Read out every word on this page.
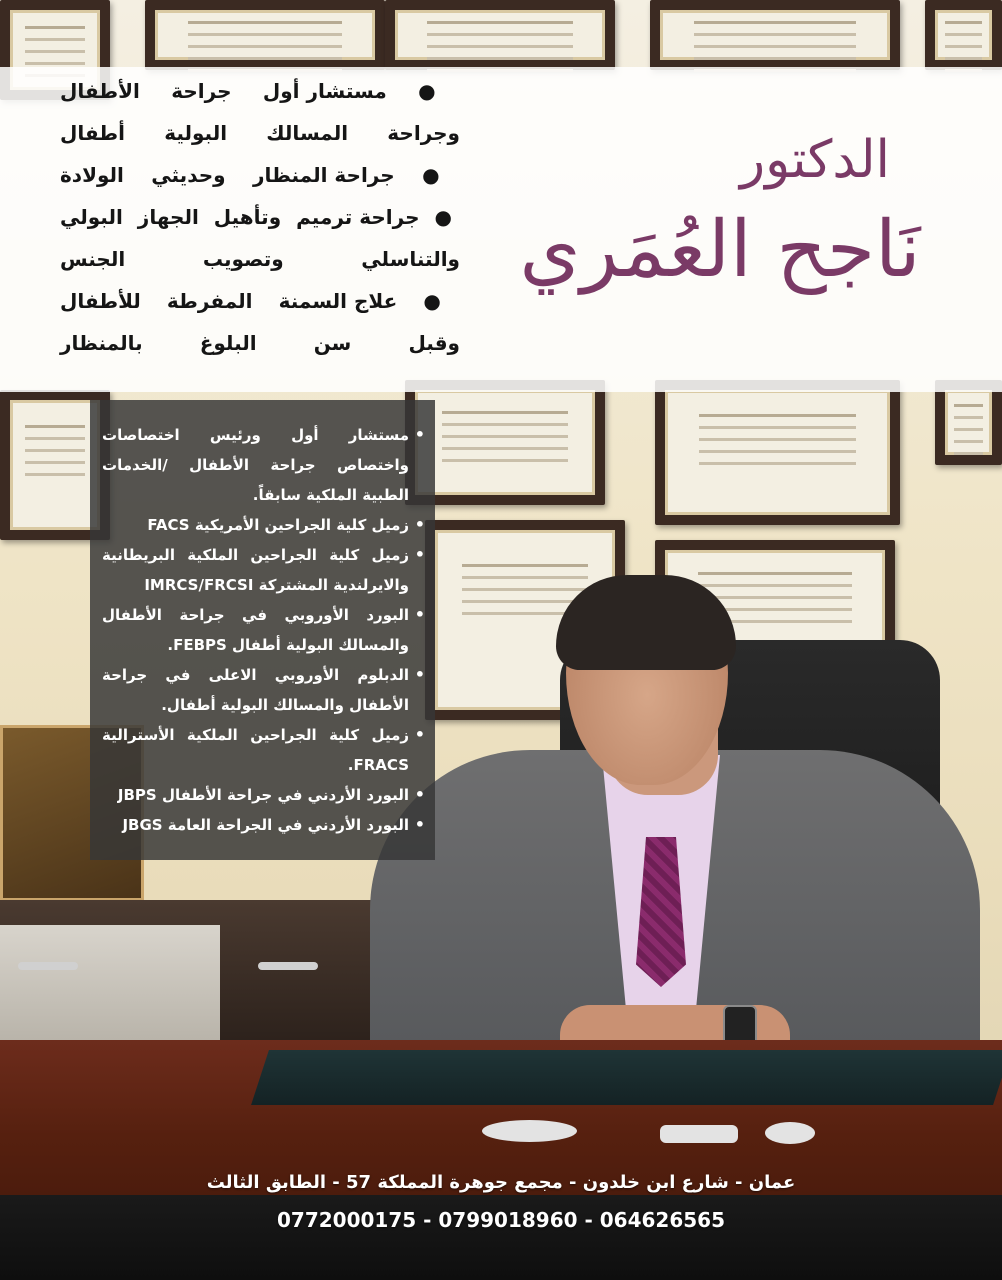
الدكتور

نَاجح العُمَري
● مستشار أول جراحة الأطفال
وجراحة المسالك البولية أطفال
● جراحة المنظار وحديثي الولادة
● جراحة ترميم وتأهيل الجهاز البولي
والتناسلي وتصويب الجنس
● علاج السمنة المفرطة للأطفال
وقبل سن البلوغ بالمنظار
• مستشار أول ورئيس اختصاصات واختصاص جراحة الأطفال /الخدمات الطبية الملكية سابقاً.
• زميل كلية الجراحين الأمريكية FACS
• زميل كلية الجراحين الملكية البريطانية والايرلندية المشتركة IMRCS/FRCSI
• البورد الأوروبي في جراحة الأطفال والمسالك البولية أطفال FEBPS.
• الدبلوم الأوروبي الاعلى في جراحة الأطفال والمسالك البولية أطفال.
• زميل كلية الجراحين الملكية الأسترالية FRACS.
• البورد الأردني في جراحة الأطفال JBPS
• البورد الأردني في الجراحة العامة JBGS
عمان - شارع ابن خلدون - مجمع جوهرة المملكة 57 - الطابق الثالث
0772000175 - 0799018960 - 064626565
